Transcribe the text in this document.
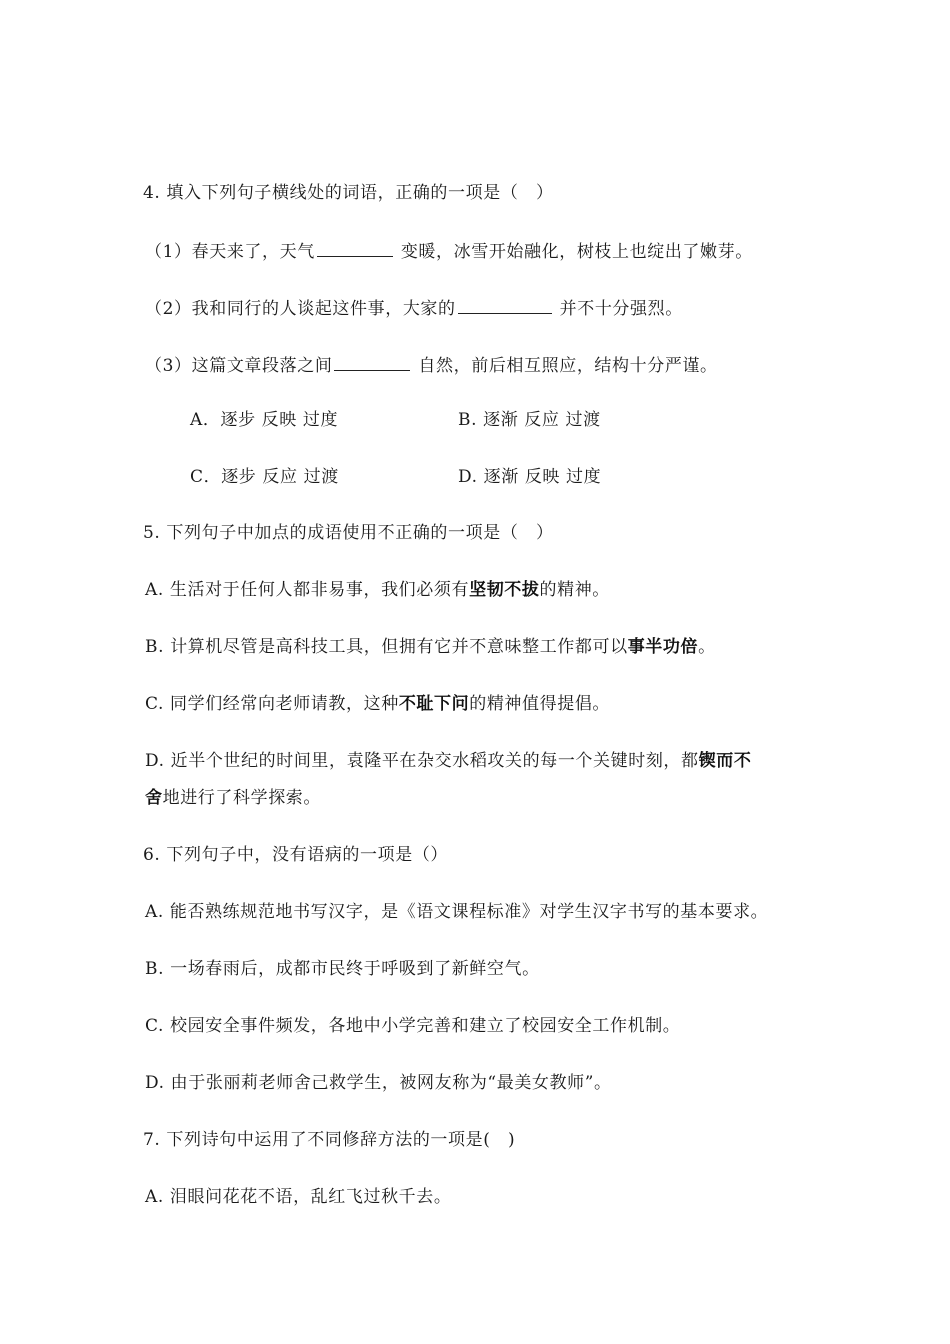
4. 填入下列句子横线处的词语，正确的一项是（　）
（1）春天来了，天气	变暖，冰雪开始融化，树枝上也绽出了嫩芽。
（2）我和同行的人谈起这件事，大家的	并不十分强烈。
（3）这篇文章段落之间	自然，前后相互照应，结构十分严谨。
A．逐步 反映 过度	B. 逐渐 反应 过渡
C．逐步 反应 过渡	D. 逐渐 反映 过度
5. 下列句子中加点的成语使用不正确的一项是（　）
A. 生活对于任何人都非易事，我们必须有坚韧不拔的精神。
B. 计算机尽管是高科技工具，但拥有它并不意味整工作都可以事半功倍。
C. 同学们经常向老师请教，这种不耻下问的精神值得提倡。
D. 近半个世纪的时间里，袁隆平在杂交水稻攻关的每一个关键时刻，都锲而不
舍地进行了科学探索。
6. 下列句子中，没有语病的一项是（）
A. 能否熟练规范地书写汉字，是《语文课程标准》对学生汉字书写的基本要求。
B. 一场春雨后，成都市民终于呼吸到了新鲜空气。
C. 校园安全事件频发，各地中小学完善和建立了校园安全工作机制。
D. 由于张丽莉老师舍己救学生，被网友称为“最美女教师”。
7. 下列诗句中运用了不同修辞方法的一项是(　)
A. 泪眼问花花不语，乱红飞过秋千去。
